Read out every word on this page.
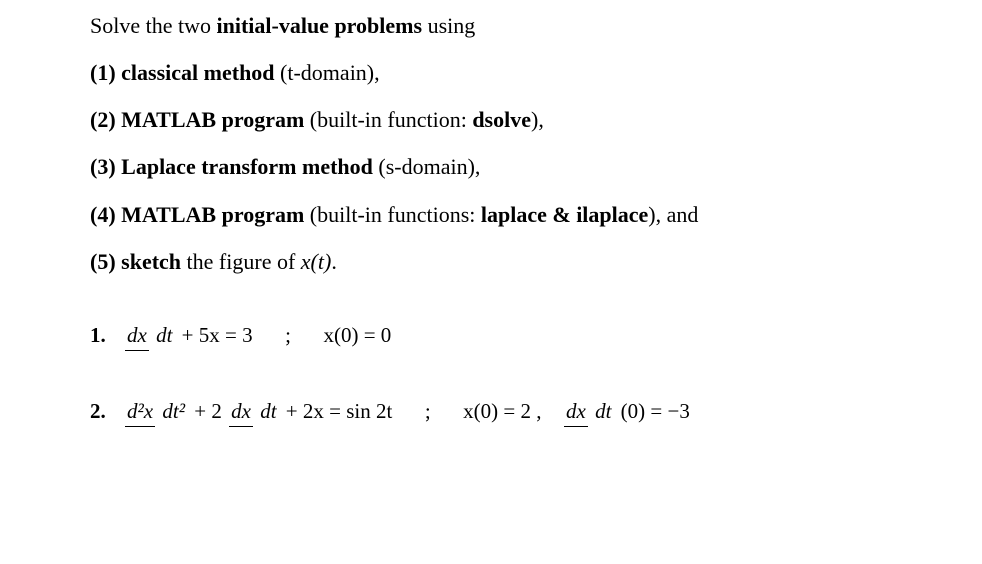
Solve the two initial-value problems using
(1) classical method (t-domain),
(2) MATLAB program (built-in function: dsolve),
(3) Laplace transform method (s-domain),
(4) MATLAB program (built-in functions: laplace & ilaplace), and
(5) sketch the figure of x(t).
1. dx dt + 5x = 3 ; x(0) = 0
2. d²x dt² + 2 dx dt + 2x = sin 2t ; x(0) = 2 , dx dt (0) = −3
